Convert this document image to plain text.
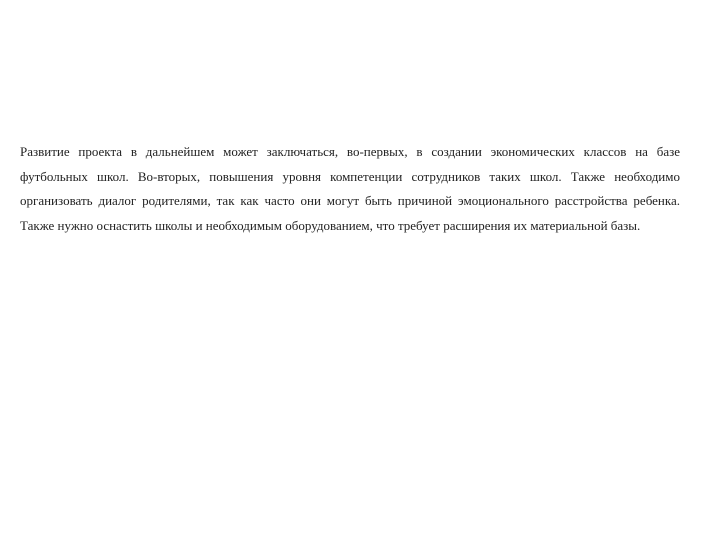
Развитие проекта в дальнейшем может заключаться, во-первых, в создании экономических классов на базе футбольных школ. Во-вторых, повышения уровня компетенции сотрудников таких школ. Также необходимо организовать диалог родителями, так как часто они могут быть причиной эмоционального расстройства ребенка. Также нужно оснастить школы и необходимым оборудованием, что требует расширения их материальной базы.
